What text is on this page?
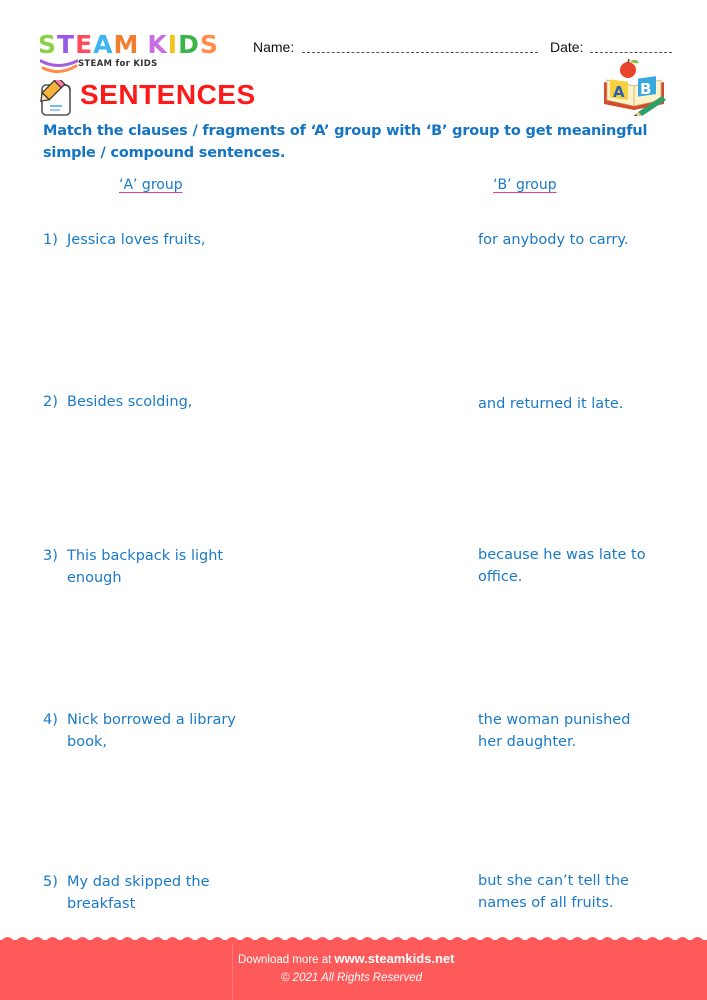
STEAM KIDS
STEAM for KIDS
Name:	Date:
A B
SENTENCES
Match the clauses / fragments of ‘A’ group with ‘B’ group to get meaningful simple / compound sentences.
‘A’ group	‘B’ group
1) Jessica loves fruits,
2) Besides scolding,
3) This backpack is light
enough
4) Nick borrowed a library
book,
5) My dad skipped the
breakfast
for anybody to carry.
and returned it late.
because he was late to
office.
the woman punished
her daughter.
but she can’t tell the
names of all fruits.
Download more at www.steamkids.net
© 2021 All Rights Reserved
